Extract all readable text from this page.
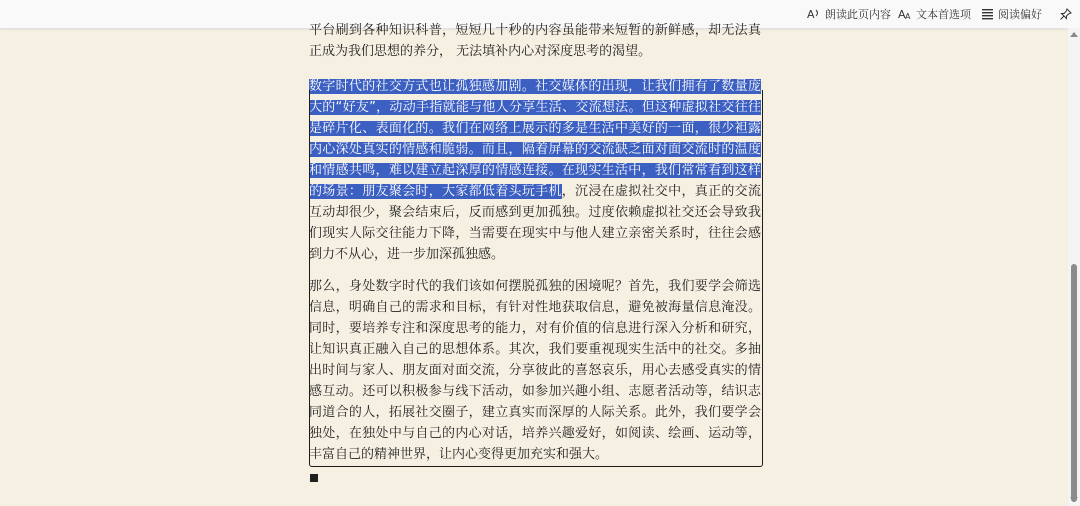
A 朗读此页内容 A A 文本首选项 阅读偏好

平台刷到各种知识科普，短短几十秒的内容虽能带来短暂的新鲜感，却无法真正成为我们思想的养分， 无法填补内心对深度思考的渴望。

数字时代的社交方式也让孤独感加剧。社交媒体的出现，让我们拥有了数量庞大的“好友”，动动手指就能与他人分享生活、交流想法。但这种虚拟社交往往是碎片化、表面化的。我们在网络上展示的多是生活中美好的一面，很少袒露内心深处真实的情感和脆弱。而且，隔着屏幕的交流缺乏面对面交流时的温度和情感共鸣，难以建立起深厚的情感连接。在现实生活中，我们常常看到这样的场景：朋友聚会时，大家都低着头玩手机，沉浸在虚拟社交中，真正的交流互动却很少，聚会结束后，反而感到更加孤独。过度依赖虚拟社交还会导致我们现实人际交往能力下降，当需要在现实中与他人建立亲密关系时，往往会感到力不从心，进一步加深孤独感。

那么，身处数字时代的我们该如何摆脱孤独的困境呢？首先，我们要学会筛选信息，明确自己的需求和目标，有针对性地获取信息，避免被海量信息淹没。同时，要培养专注和深度思考的能力，对有价值的信息进行深入分析和研究，让知识真正融入自己的思想体系。其次，我们要重视现实生活中的社交。多抽出时间与家人、朋友面对面交流，分享彼此的喜怒哀乐，用心去感受真实的情感互动。还可以积极参与线下活动，如参加兴趣小组、志愿者活动等，结识志同道合的人，拓展社交圈子，建立真实而深厚的人际关系。此外，我们要学会独处，在独处中与自己的内心对话，培养兴趣爱好，如阅读、绘画、运动等，丰富自己的精神世界，让内心变得更加充实和强大。
